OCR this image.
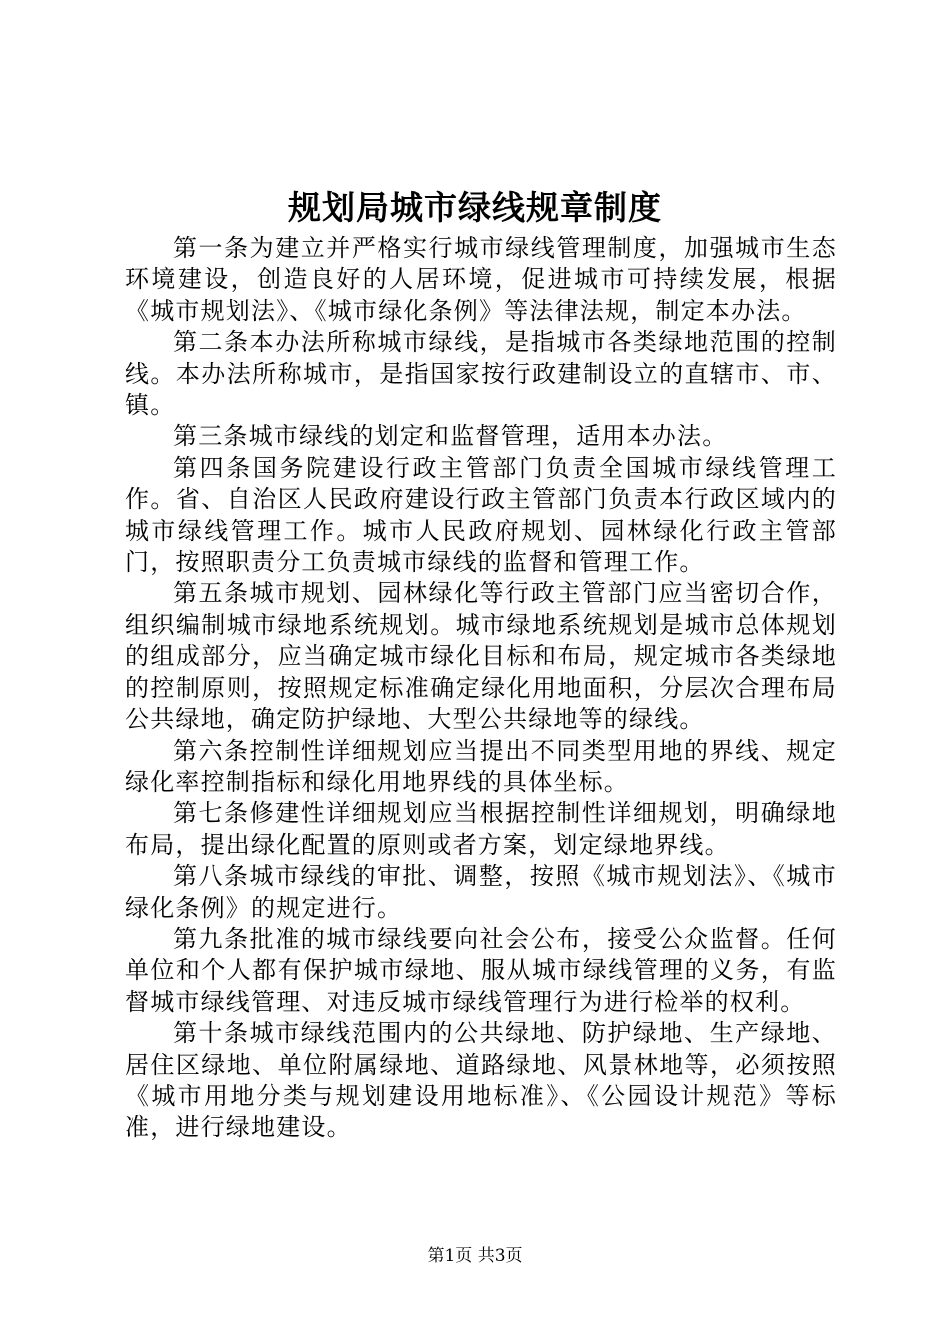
规划局城市绿线规章制度

第一条为建立并严格实行城市绿线管理制度，加强城市生态环境建设，创造良好的人居环境，促进城市可持续发展，根据《城市规划法》、《城市绿化条例》等法律法规，制定本办法。

第二条本办法所称城市绿线，是指城市各类绿地范围的控制线。本办法所称城市，是指国家按行政建制设立的直辖市、市、镇。

第三条城市绿线的划定和监督管理，适用本办法。

第四条国务院建设行政主管部门负责全国城市绿线管理工作。省、自治区人民政府建设行政主管部门负责本行政区域内的城市绿线管理工作。城市人民政府规划、园林绿化行政主管部门，按照职责分工负责城市绿线的监督和管理工作。

第五条城市规划、园林绿化等行政主管部门应当密切合作，组织编制城市绿地系统规划。城市绿地系统规划是城市总体规划的组成部分，应当确定城市绿化目标和布局，规定城市各类绿地的控制原则，按照规定标准确定绿化用地面积，分层次合理布局公共绿地，确定防护绿地、大型公共绿地等的绿线。

第六条控制性详细规划应当提出不同类型用地的界线、规定绿化率控制指标和绿化用地界线的具体坐标。

第七条修建性详细规划应当根据控制性详细规划，明确绿地布局，提出绿化配置的原则或者方案，划定绿地界线。

第八条城市绿线的审批、调整，按照《城市规划法》、《城市绿化条例》的规定进行。

第九条批准的城市绿线要向社会公布，接受公众监督。任何单位和个人都有保护城市绿地、服从城市绿线管理的义务，有监督城市绿线管理、对违反城市绿线管理行为进行检举的权利。

第十条城市绿线范围内的公共绿地、防护绿地、生产绿地、居住区绿地、单位附属绿地、道路绿地、风景林地等，必须按照《城市用地分类与规划建设用地标准》、《公园设计规范》等标准，进行绿地建设。

第1页 共3页
